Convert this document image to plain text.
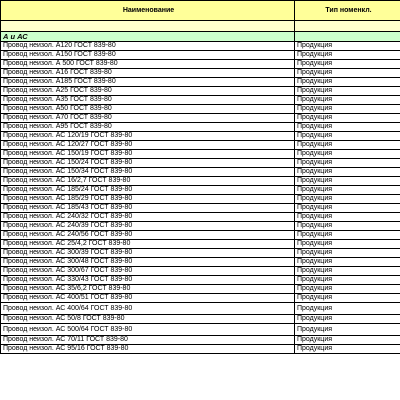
Наименование	Тип номенкл.

А и АС	
Провод неизол. А120 ГОСТ 839-80	Продукция
Провод неизол. А150 ГОСТ 839-80	Продукция
Провод неизол. А 500 ГОСТ 839-80	Продукция
Провод неизол. А16 ГОСТ 839-80	Продукция
Провод неизол. А185 ГОСТ 839-80	Продукция
Провод неизол. А25 ГОСТ 839-80	Продукция
Провод неизол. А35 ГОСТ 839-80	Продукция
Провод неизол. А50 ГОСТ 839-80	Продукция
Провод неизол. А70 ГОСТ 839-80	Продукция
Провод неизол. А95 ГОСТ 839-80	Продукция
Провод неизол. АС 120/19 ГОСТ 839-80	Продукция
Провод неизол. АС 120/27 ГОСТ 839-80	Продукция
Провод неизол. АС 150/19 ГОСТ 839-80	Продукция
Провод неизол. АС 150/24 ГОСТ 839-80	Продукция
Провод неизол. АС 150/34 ГОСТ 839-80	Продукция
Провод неизол. АС 16/2,7 ГОСТ 839-80	Продукция
Провод неизол. АС 185/24 ГОСТ 839-80	Продукция
Провод неизол. АС 185/29 ГОСТ 839-80	Продукция
Провод неизол. АС 185/43 ГОСТ 839-80	Продукция
Провод неизол. АС 240/32 ГОСТ 839-80	Продукция
Провод неизол. АС 240/39 ГОСТ 839-80	Продукция
Провод неизол. АС 240/56 ГОСТ 839-80	Продукция
Провод неизол. АС 25/4,2 ГОСТ 839-80	Продукция
Провод неизол. АС 300/39 ГОСТ 839-80	Продукция
Провод неизол. АС 300/48 ГОСТ 839-80	Продукция
Провод неизол. АС 300/67 ГОСТ 839-80	Продукция
Провод неизол. АС 330/43 ГОСТ 839-80	Продукция
Провод неизол. АС 35/6,2 ГОСТ 839-80	Продукция
Провод неизол. АС 400/51 ГОСТ 839-80	Продукция
Провод неизол. АС 400/64 ГОСТ 839-80	Продукция
Провод неизол. АС 50/8 ГОСТ 839-80	Продукция
Провод неизол. АС 500/64 ГОСТ 839-80	Продукция
Провод неизол. АС 70/11 ГОСТ 839-80	Продукция
Провод неизол. АС 95/16 ГОСТ 839-80	Продукция
